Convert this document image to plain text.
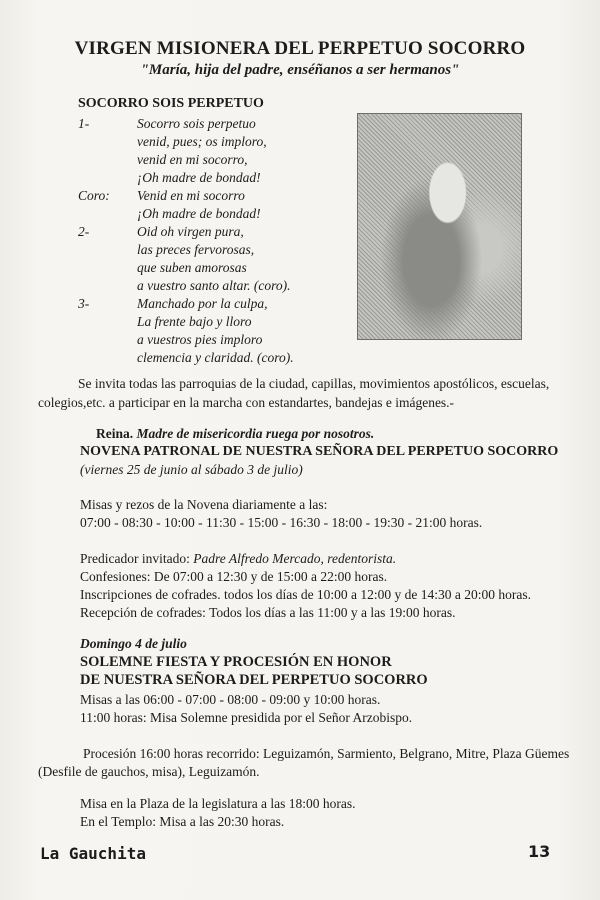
VIRGEN MISIONERA DEL PERPETUO SOCORRO
"María, hija del padre, enséñanos a ser hermanos"
SOCORRO SOIS PERPETUO
1-	Socorro sois perpetuo
venid, pues; os imploro,
venid en mi socorro,
¡Oh madre de bondad!
Coro:	Venid en mi socorro
¡Oh madre de bondad!
2-	Oid oh virgen pura,
las preces fervorosas,
que suben amorosas
a vuestro santo altar. (coro).
3-	Manchado por la culpa,
La frente bajo y lloro
a vuestros pies imploro
clemencia y claridad. (coro).
Se invita todas las parroquias de la ciudad, capillas, movimientos apostólicos, escuelas, colegios,etc. a participar en la marcha con estandartes, bandejas e imágenes.-
Reina. Madre de misericordia ruega por nosotros.
NOVENA PATRONAL DE NUESTRA SEÑORA DEL PERPETUO SOCORRO
(viernes 25 de junio al sábado 3 de julio)
Misas y rezos de la Novena diariamente a las:
07:00 - 08:30 - 10:00 - 11:30 - 15:00 - 16:30 - 18:00 - 19:30 - 21:00 horas.
Predicador invitado: Padre Alfredo Mercado, redentorista.
Confesiones: De 07:00 a 12:30 y de 15:00 a 22:00 horas.
Inscripciones de cofrades. todos los días de 10:00 a 12:00 y de 14:30 a 20:00 horas.
Recepción de cofrades: Todos los días a las 11:00 y a las 19:00 horas.
Domingo 4 de julio
SOLEMNE FIESTA Y PROCESIÓN EN HONOR
DE NUESTRA SEÑORA DEL PERPETUO SOCORRO
Misas a las 06:00 - 07:00 - 08:00 - 09:00 y 10:00 horas.
11:00 horas: Misa Solemne presidida por el Señor Arzobispo.
Procesión 16:00 horas recorrido: Leguizamón, Sarmiento, Belgrano, Mitre, Plaza Güemes (Desfile de gauchos, misa), Leguizamón.
Misa en la Plaza de la legislatura a las 18:00 horas.
En el Templo: Misa a las 20:30 horas.
La Gauchita	13
